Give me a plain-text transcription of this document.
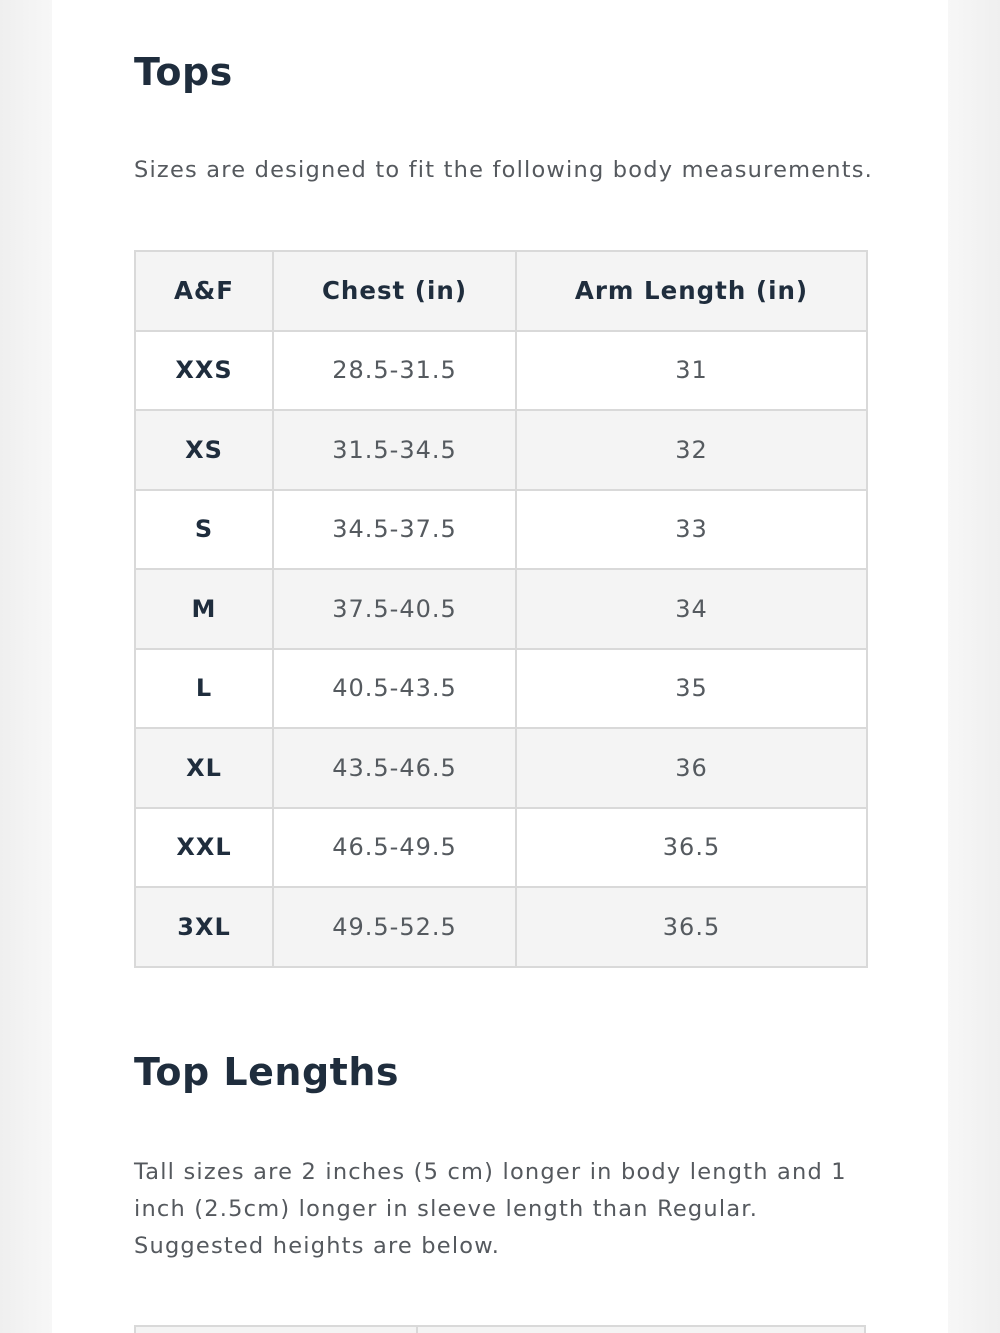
Tops

Sizes are designed to fit the following body measurements.

A&F	Chest (in)	Arm Length (in)
XXS	28.5-31.5	31
XS	31.5-34.5	32
S	34.5-37.5	33
M	37.5-40.5	34
L	40.5-43.5	35
XL	43.5-46.5	36
XXL	46.5-49.5	36.5
3XL	49.5-52.5	36.5
Top Lengths

Tall sizes are 2 inches (5 cm) longer in body length and 1 inch (2.5cm) longer in sleeve length than Regular. Suggested heights are below.
